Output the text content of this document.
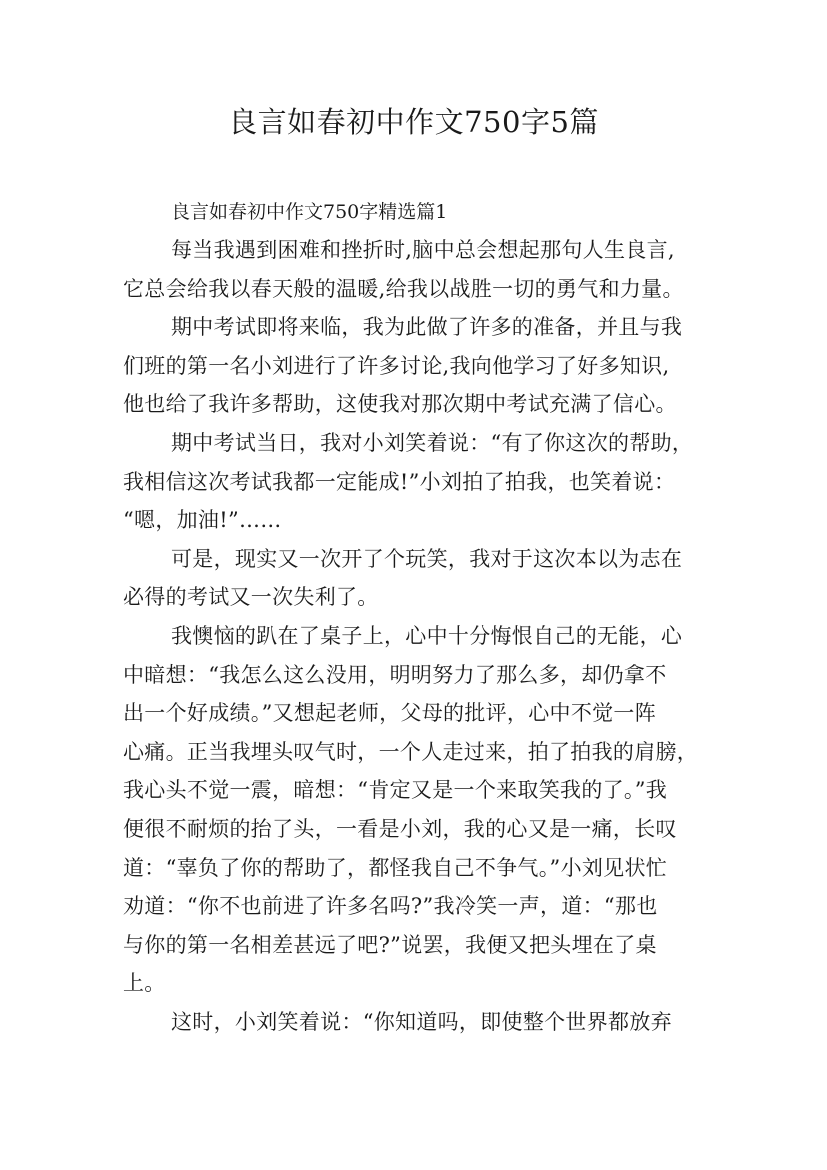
良言如春初中作文750字5篇

良言如春初中作文750字精选篇1

每当我遇到困难和挫折时,脑中总会想起那句人生良言,

它总会给我以春天般的温暖,给我以战胜一切的勇气和力量。

期中考试即将来临，我为此做了许多的准备，并且与我

们班的第一名小刘进行了许多讨论,我向他学习了好多知识,

他也给了我许多帮助，这使我对那次期中考试充满了信心。

期中考试当日，我对小刘笑着说：“有了你这次的帮助，

我相信这次考试我都一定能成!”小刘拍了拍我，也笑着说：

“嗯，加油!”……

可是，现实又一次开了个玩笑，我对于这次本以为志在

必得的考试又一次失利了。

我懊恼的趴在了桌子上，心中十分悔恨自己的无能，心

中暗想：“我怎么这么没用，明明努力了那么多，却仍拿不

出一个好成绩。”又想起老师，父母的批评，心中不觉一阵

心痛。正当我埋头叹气时，一个人走过来，拍了拍我的肩膀，

我心头不觉一震，暗想：“肯定又是一个来取笑我的了。”我

便很不耐烦的抬了头，一看是小刘，我的心又是一痛，长叹

道：“辜负了你的帮助了，都怪我自己不争气。”小刘见状忙

劝道：“你不也前进了许多名吗?”我冷笑一声，道：“那也

与你的第一名相差甚远了吧?”说罢，我便又把头埋在了桌

上。

这时，小刘笑着说：“你知道吗，即使整个世界都放弃
